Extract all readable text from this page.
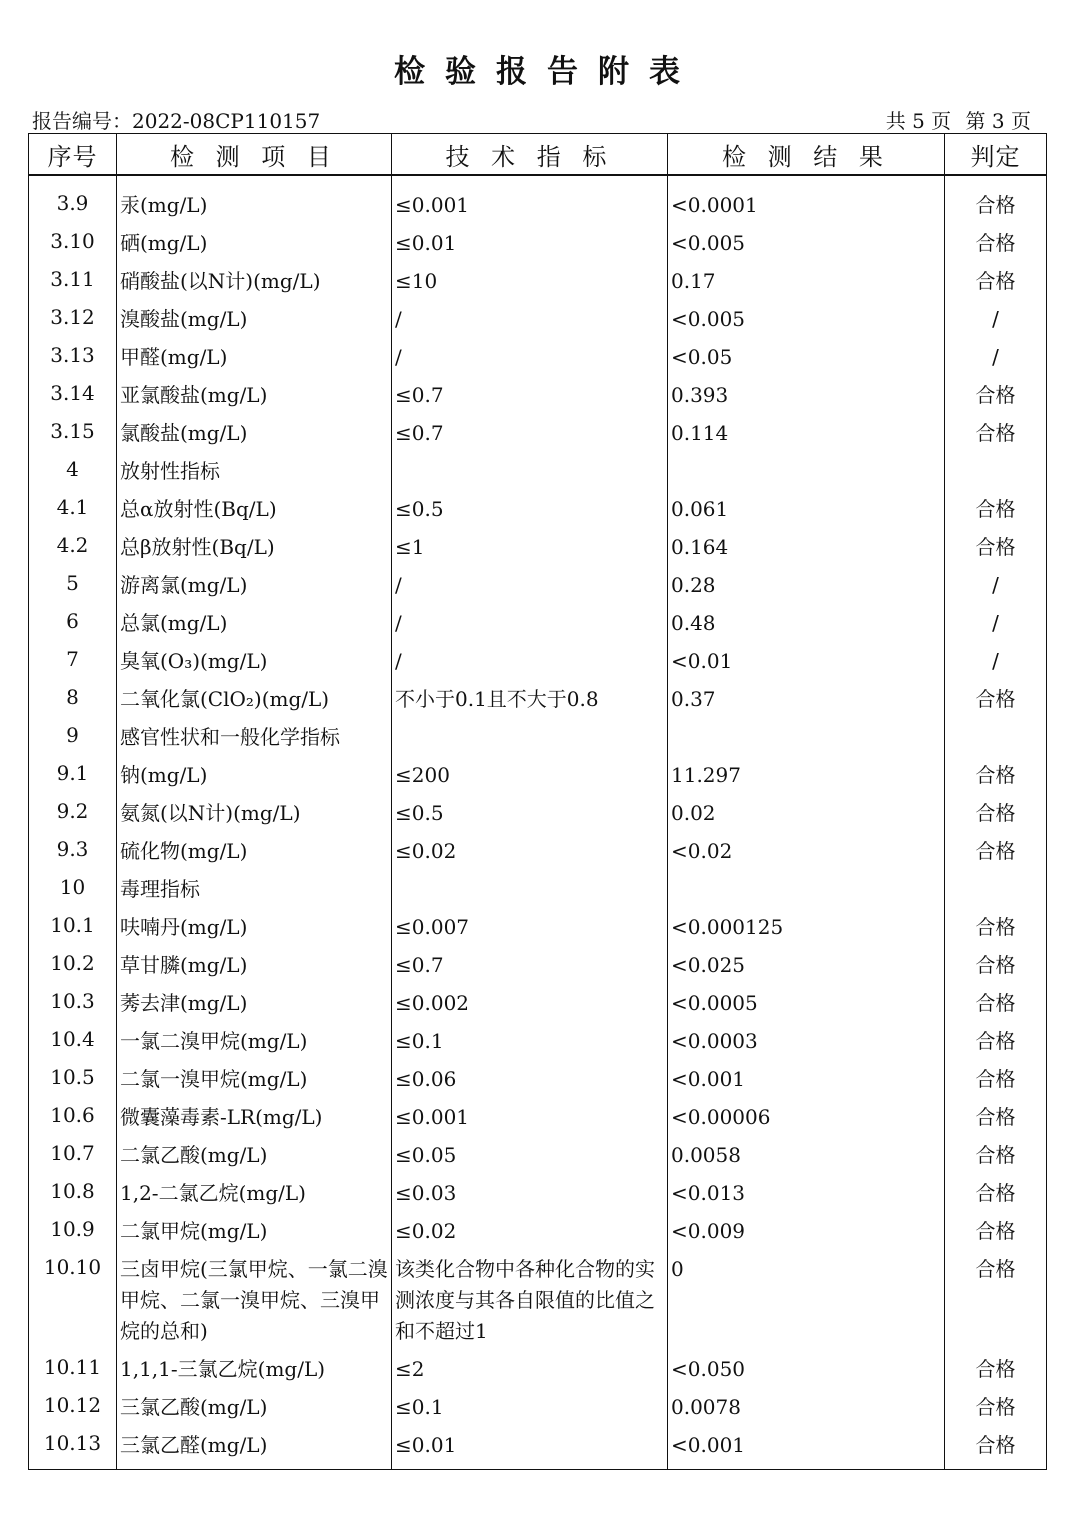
检验报告附表
报告编号：2022-08CP110157	共 5 页 第 3 页
序号	检 测 项 目	技 术 指 标	检 测 结 果	判定
3.9	汞(mg/L)	≤0.001	<0.0001	合格
3.10	硒(mg/L)	≤0.01	<0.005	合格
3.11	硝酸盐(以N计)(mg/L)	≤10	0.17	合格
3.12	溴酸盐(mg/L)	/	<0.005	/
3.13	甲醛(mg/L)	/	<0.05	/
3.14	亚氯酸盐(mg/L)	≤0.7	0.393	合格
3.15	氯酸盐(mg/L)	≤0.7	0.114	合格
4	放射性指标			
4.1	总α放射性(Bq/L)	≤0.5	0.061	合格
4.2	总β放射性(Bq/L)	≤1	0.164	合格
5	游离氯(mg/L)	/	0.28	/
6	总氯(mg/L)	/	0.48	/
7	臭氧(O₃)(mg/L)	/	<0.01	/
8	二氧化氯(ClO₂)(mg/L)	不小于0.1且不大于0.8	0.37	合格
9	感官性状和一般化学指标			
9.1	钠(mg/L)	≤200	11.297	合格
9.2	氨氮(以N计)(mg/L)	≤0.5	0.02	合格
9.3	硫化物(mg/L)	≤0.02	<0.02	合格
10	毒理指标			
10.1	呋喃丹(mg/L)	≤0.007	<0.000125	合格
10.2	草甘膦(mg/L)	≤0.7	<0.025	合格
10.3	莠去津(mg/L)	≤0.002	<0.0005	合格
10.4	一氯二溴甲烷(mg/L)	≤0.1	<0.0003	合格
10.5	二氯一溴甲烷(mg/L)	≤0.06	<0.001	合格
10.6	微囊藻毒素-LR(mg/L)	≤0.001	<0.00006	合格
10.7	二氯乙酸(mg/L)	≤0.05	0.0058	合格
10.8	1,2-二氯乙烷(mg/L)	≤0.03	<0.013	合格
10.9	二氯甲烷(mg/L)	≤0.02	<0.009	合格
10.10	三卤甲烷(三氯甲烷、一氯二溴甲烷、二氯一溴甲烷、三溴甲烷的总和)	该类化合物中各种化合物的实测浓度与其各自限值的比值之和不超过1	0	合格
10.11	1,1,1-三氯乙烷(mg/L)	≤2	<0.050	合格
10.12	三氯乙酸(mg/L)	≤0.1	0.0078	合格
10.13	三氯乙醛(mg/L)	≤0.01	<0.001	合格
